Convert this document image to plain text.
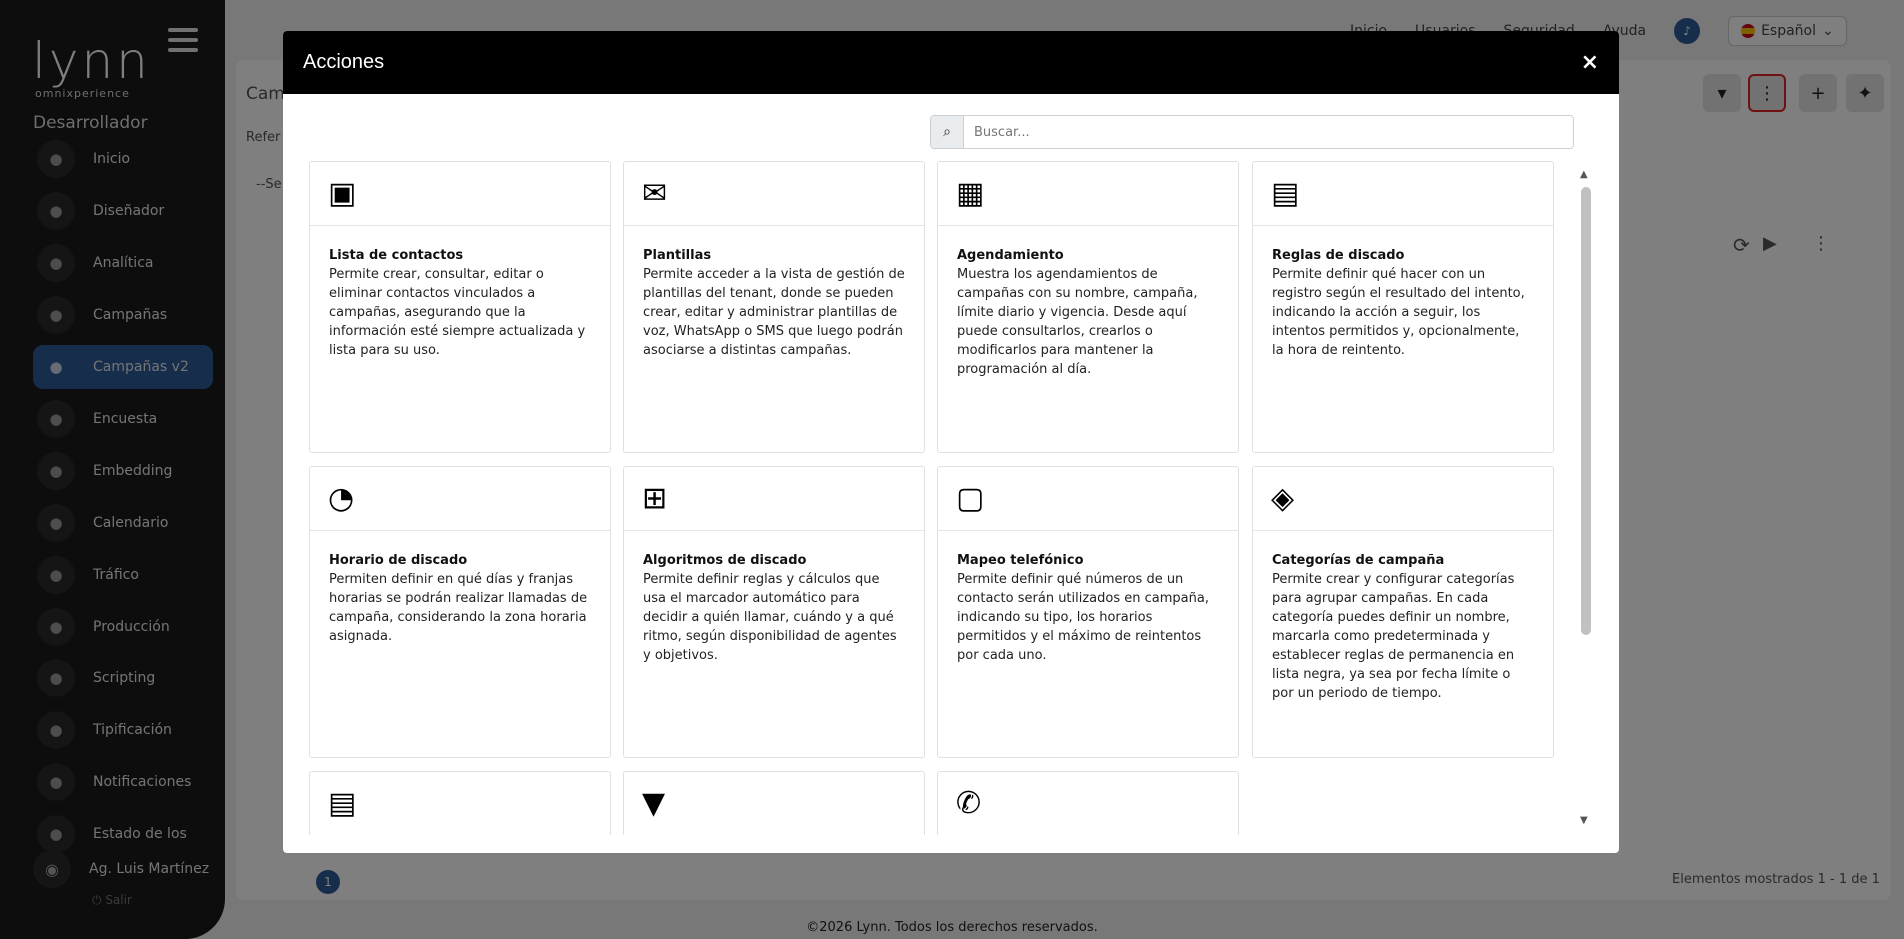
Acciones	×
⌕
Buscar...
▣
Lista de contactos
Permite crear, consultar, editar o eliminar contactos vinculados a campañas, asegurando que la información esté siempre actualizada y lista para su uso.
✉
Plantillas
Permite acceder a la vista de gestión de plantillas del tenant, donde se pueden crear, editar y administrar plantillas de voz, WhatsApp o SMS que luego podrán asociarse a distintas campañas.
▦
Agendamiento
Muestra los agendamientos de campañas con su nombre, campaña, límite diario y vigencia. Desde aquí puede consultarlos, crearlos o modificarlos para mantener la programación al día.
▤
Reglas de discado
Permite definir qué hacer con un registro según el resultado del intento, indicando la acción a seguir, los intentos permitidos y, opcionalmente, la hora de reintento.
◔
Horario de discado
Permiten definir en qué días y franjas horarias se podrán realizar llamadas de campaña, considerando la zona horaria asignada.
⊞
Algoritmos de discado
Permite definir reglas y cálculos que usa el marcador automático para decidir a quién llamar, cuándo y a qué ritmo, según disponibilidad de agentes y objetivos.
▢
Mapeo telefónico
Permite definir qué números de un contacto serán utilizados en campaña, indicando su tipo, los horarios permitidos y el máximo de reintentos por cada uno.
◈
Categorías de campaña
Permite crear y configurar categorías para agrupar campañas. En cada categoría puedes definir un nombre, marcarla como predeterminada y establecer reglas de permanencia en lista negra, ya sea por fecha límite o por un periodo de tiempo.
▤	▼	✆
▲
▼
